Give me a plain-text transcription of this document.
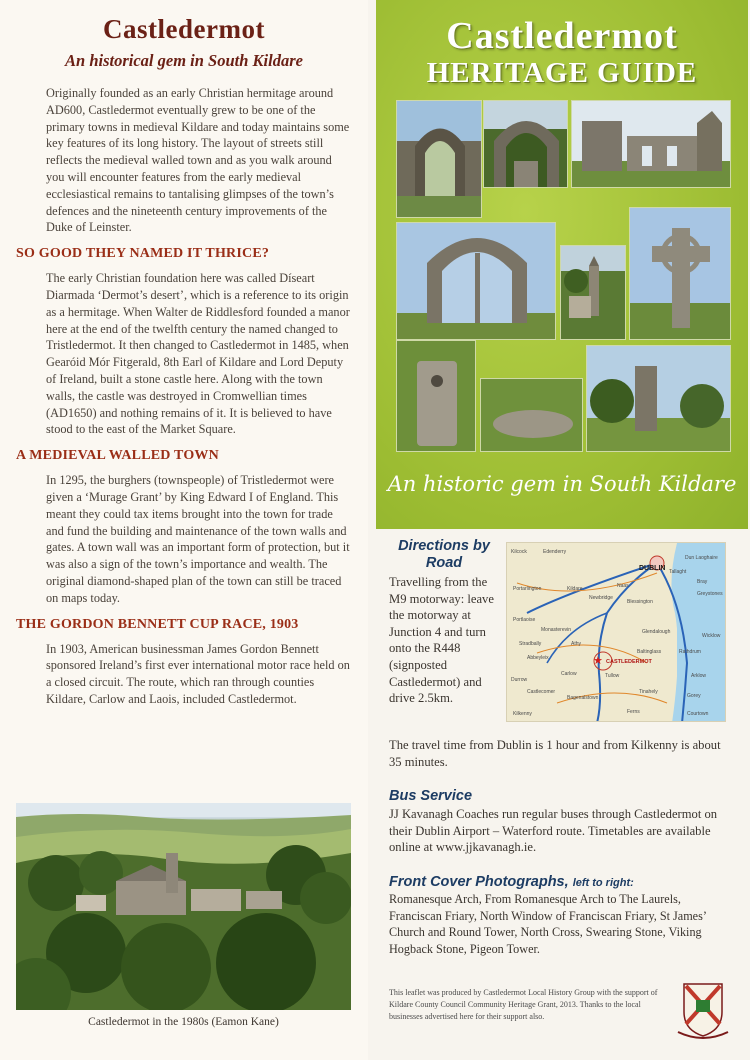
Castledermot
An historical gem in South Kildare

Originally founded as an early Christian hermitage around AD600, Castledermot eventually grew to be one of the primary towns in medieval Kildare and today maintains some key features of its long history. The layout of streets still reflects the medieval walled town and as you walk around you will encounter features from the early medieval ecclesiastical remains to tantalising glimpses of the town’s defences and the nineteenth century improvements of the Duke of Leinster.

SO GOOD THEY NAMED IT THRICE?

The early Christian foundation here was called Díseart Diarmada ‘Dermot’s desert’, which is a reference to its origin as a hermitage. When Walter de Riddlesford founded a manor here at the end of the twelfth century the named changed to Tristledermot. It then changed to Castledermot in 1485, when Gearóid Mór Fitgerald, 8th Earl of Kildare and Lord Deputy of Ireland, built a stone castle here. Along with the town walls, the castle was destroyed in Cromwellian times (AD1650) and nothing remains of it. It is believed to have stood to the east of the Market Square.

A MEDIEVAL WALLED TOWN

In 1295, the burghers (townspeople) of Tristledermot were given a ‘Murage Grant’ by King Edward I of England. This meant they could tax items brought into the town for trade and fund the building and maintenance of the town walls and gates. A town wall was an important form of protection, but it was also a sign of the town’s importance and wealth. The original diamond-shaped plan of the town can still be traced on maps today.

THE GORDON BENNETT CUP RACE, 1903

In 1903, American businessman James Gordon Bennett sponsored Ireland’s first ever international motor race held on a closed circuit. The route, which ran through counties Kildare, Carlow and Laois, included Castledermot.

Castledermot in the 1980s (Eamon Kane)
Castledermot
HERITAGE GUIDE
An historic gem in South Kildare
Directions by
Road
Travelling from the M9 motorway: leave the motorway at Junction 4 and turn onto the R448 (signposted Castledermot) and drive 2.5km.
DUBLIN
★ CASTLEDERMOT
Kilcock	Edenderry
Portarlington	Kildare	Naas
Newbridge
Dun Laoghaire
Bray
Greystones
Blessington
Tallaght
Portlaoise
Monasterevin
Athy
Glendalough
Wicklow
Stradbally
Baltinglass	Rathdrum
Abbeyleix
Carlow	Tullow	Arklow
Durrow
Castlecomer
Bagenalstown
Tinahely
Gorey
Kilkenny	Ferns	Courtown
The travel time from Dublin is 1 hour and from Kilkenny is about 35 minutes.
Bus Service
JJ Kavanagh Coaches run regular buses through Castledermot on their Dublin Airport – Waterford route. Timetables are available online at www.jjkavanagh.ie.
Front Cover Photographs, left to right:
Romanesque Arch, From Romanesque Arch to The Laurels, Franciscan Friary, North Window of Franciscan Friary, St James’ Church and Round Tower, North Cross, Swearing Stone, Viking Hogback Stone, Pigeon Tower.
This leaflet was produced by Castledermot Local History Group with the support of Kildare County Council Community Heritage Grant, 2013. Thanks to the local businesses advertised here for their support also.
